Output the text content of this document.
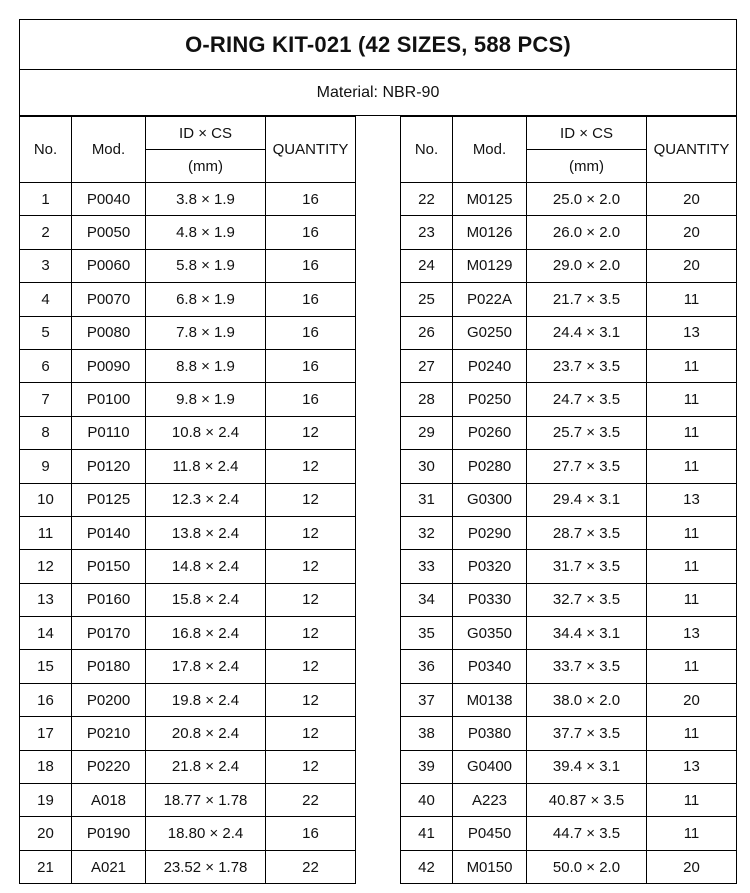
O-RING KIT-021 (42 SIZES, 588 PCS)
Material: NBR-90
No.	Mod.	ID × CS	QUANTITY
		(mm)	
1	P0040	3.8 × 1.9	16
2	P0050	4.8 × 1.9	16
3	P0060	5.8 × 1.9	16
4	P0070	6.8 × 1.9	16
5	P0080	7.8 × 1.9	16
6	P0090	8.8 × 1.9	16
7	P0100	9.8 × 1.9	16
8	P0110	10.8 × 2.4	12
9	P0120	11.8 × 2.4	12
10	P0125	12.3 × 2.4	12
11	P0140	13.8 × 2.4	12
12	P0150	14.8 × 2.4	12
13	P0160	15.8 × 2.4	12
14	P0170	16.8 × 2.4	12
15	P0180	17.8 × 2.4	12
16	P0200	19.8 × 2.4	12
17	P0210	20.8 × 2.4	12
18	P0220	21.8 × 2.4	12
19	A018	18.77 × 1.78	22
20	P0190	18.80 × 2.4	16
21	A021	23.52 × 1.78	22
No.	Mod.	ID × CS	QUANTITY
		(mm)	
22	M0125	25.0 × 2.0	20
23	M0126	26.0 × 2.0	20
24	M0129	29.0 × 2.0	20
25	P022A	21.7 × 3.5	11
26	G0250	24.4 × 3.1	13
27	P0240	23.7 × 3.5	11
28	P0250	24.7 × 3.5	11
29	P0260	25.7 × 3.5	11
30	P0280	27.7 × 3.5	11
31	G0300	29.4 × 3.1	13
32	P0290	28.7 × 3.5	11
33	P0320	31.7 × 3.5	11
34	P0330	32.7 × 3.5	11
35	G0350	34.4 × 3.1	13
36	P0340	33.7 × 3.5	11
37	M0138	38.0 × 2.0	20
38	P0380	37.7 × 3.5	11
39	G0400	39.4 × 3.1	13
40	A223	40.87 × 3.5	11
41	P0450	44.7 × 3.5	11
42	M0150	50.0 × 2.0	20
